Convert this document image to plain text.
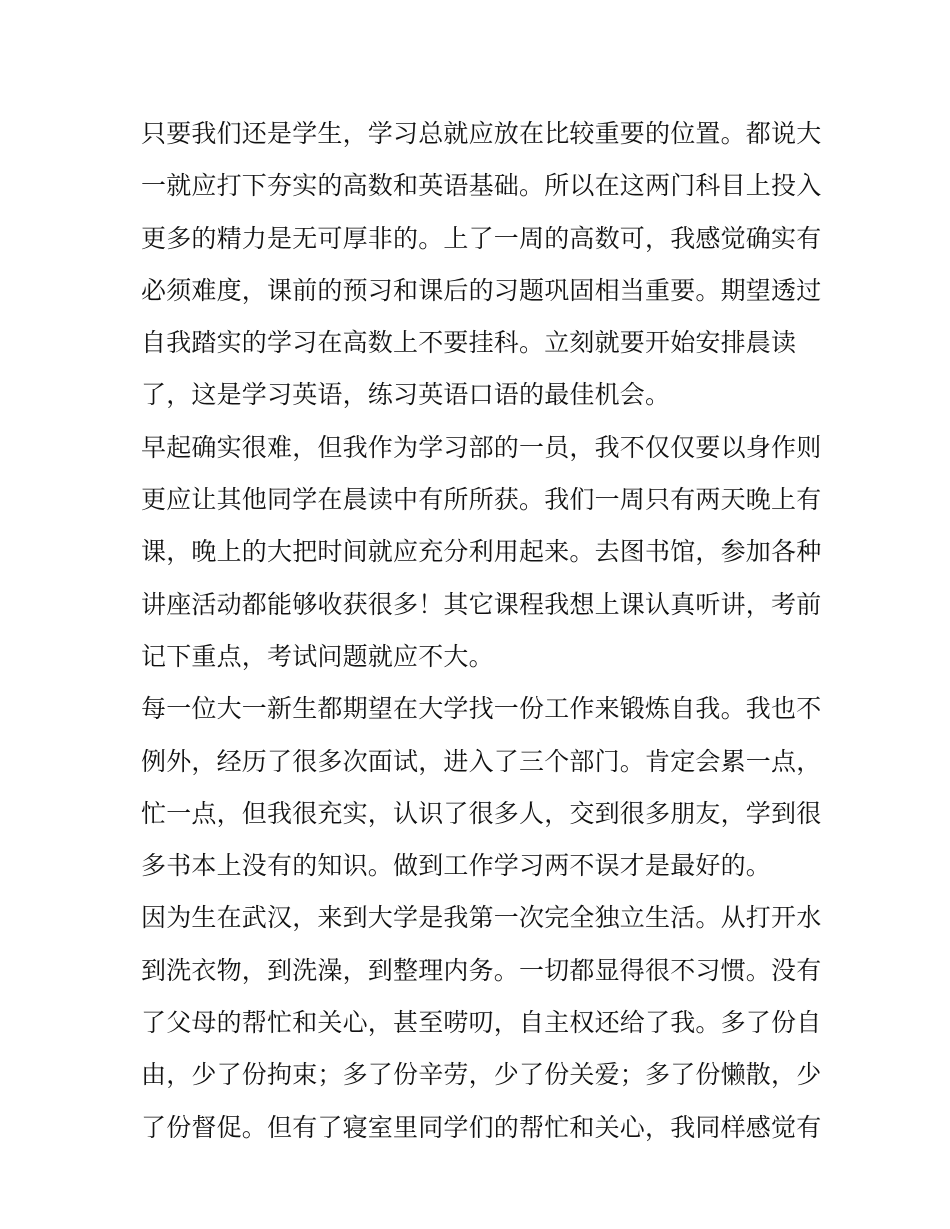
只要我们还是学生，学习总就应放在比较重要的位置。都说大
一就应打下夯实的高数和英语基础。所以在这两门科目上投入
更多的精力是无可厚非的。上了一周的高数可，我感觉确实有
必须难度，课前的预习和课后的习题巩固相当重要。期望透过
自我踏实的学习在高数上不要挂科。立刻就要开始安排晨读
了，这是学习英语，练习英语口语的最佳机会。
早起确实很难，但我作为学习部的一员，我不仅仅要以身作则
更应让其他同学在晨读中有所所获。我们一周只有两天晚上有
课，晚上的大把时间就应充分利用起来。去图书馆，参加各种
讲座活动都能够收获很多！其它课程我想上课认真听讲，考前
记下重点，考试问题就应不大。
每一位大一新生都期望在大学找一份工作来锻炼自我。我也不
例外，经历了很多次面试，进入了三个部门。肯定会累一点，
忙一点，但我很充实，认识了很多人，交到很多朋友，学到很
多书本上没有的知识。做到工作学习两不误才是最好的。
因为生在武汉，来到大学是我第一次完全独立生活。从打开水
到洗衣物，到洗澡，到整理内务。一切都显得很不习惯。没有
了父母的帮忙和关心，甚至唠叨，自主权还给了我。多了份自
由，少了份拘束；多了份辛劳，少了份关爱；多了份懒散，少
了份督促。但有了寝室里同学们的帮忙和关心，我同样感觉有
